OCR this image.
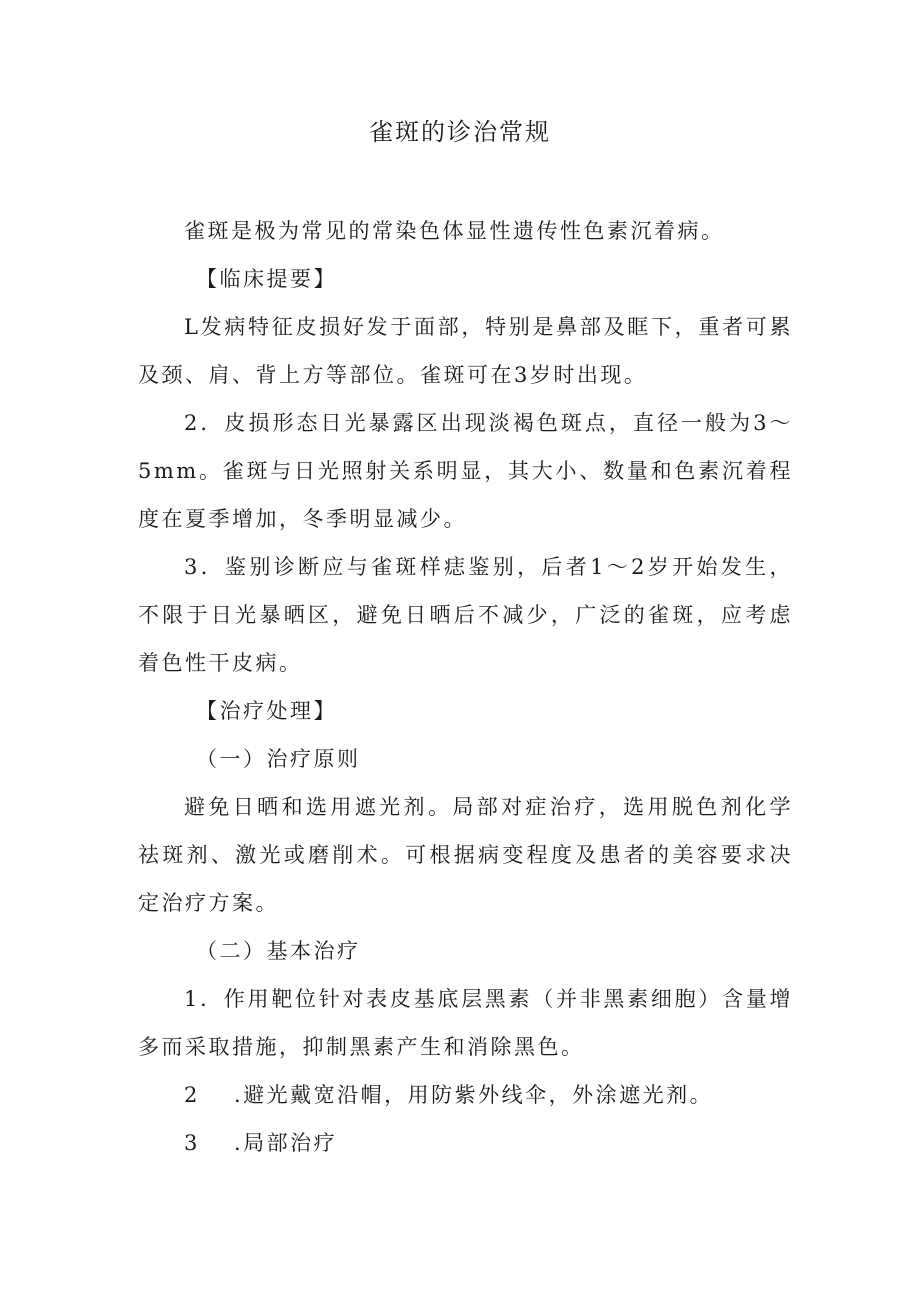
雀斑的诊治常规

雀斑是极为常见的常染色体显性遗传性色素沉着病。

【临床提要】

L发病特征皮损好发于面部，特别是鼻部及眶下，重者可累及颈、肩、背上方等部位。雀斑可在3岁时出现。

2．皮损形态日光暴露区出现淡褐色斑点，直径一般为3～5mm。雀斑与日光照射关系明显，其大小、数量和色素沉着程度在夏季增加，冬季明显减少。

3．鉴别诊断应与雀斑样痣鉴别，后者1～2岁开始发生，不限于日光暴晒区，避免日晒后不减少，广泛的雀斑，应考虑着色性干皮病。

【治疗处理】

（一）治疗原则

避免日晒和选用遮光剂。局部对症治疗，选用脱色剂化学祛斑剂、激光或磨削术。可根据病变程度及患者的美容要求决定治疗方案。

（二）基本治疗

1．作用靶位针对表皮基底层黑素（并非黑素细胞）含量增多而采取措施，抑制黑素产生和消除黑色。

2 .避光戴宽沿帽，用防紫外线伞，外涂遮光剂。

3 .局部治疗
